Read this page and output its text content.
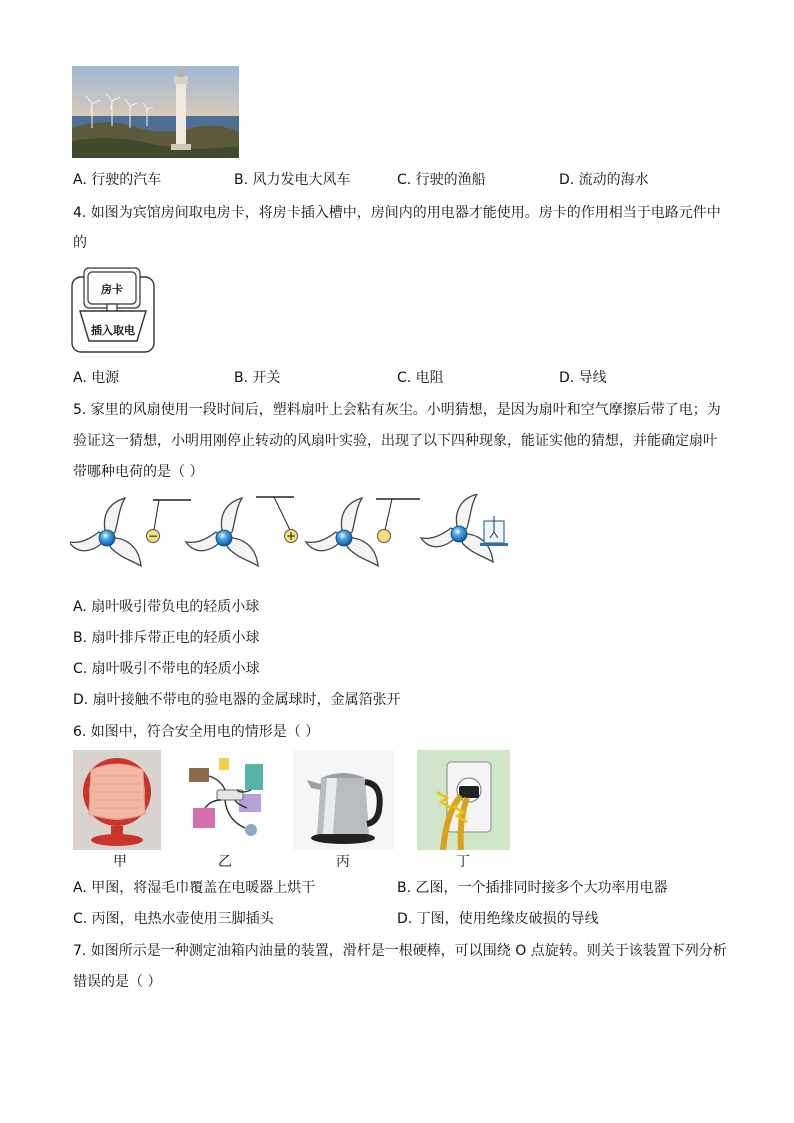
A. 行驶的汽车	B. 风力发电大风车	C. 行驶的渔船	D. 流动的海水
4. 如图为宾馆房间取电房卡，将房卡插入槽中，房间内的用电器才能使用。房卡的作用相当于电路元件中
的
房卡
插入取电
A. 电源	B. 开关	C. 电阻	D. 导线
5. 家里的风扇使用一段时间后，塑料扇叶上会粘有灰尘。小明猜想，是因为扇叶和空气摩擦后带了电；为
验证这一猜想，小明用刚停止转动的风扇叶实验，出现了以下四种现象，能证实他的猜想，并能确定扇叶
带哪种电荷的是（ ）
−	+
A. 扇叶吸引带负电的轻质小球
B. 扇叶排斥带正电的轻质小球
C. 扇叶吸引不带电的轻质小球
D. 扇叶接触不带电的验电器的金属球时，金属箔张开
6. 如图中，符合安全用电的情形是（ ）
甲	乙	丙	丁
A. 甲图，将湿毛巾覆盖在电暖器上烘干	B. 乙图，一个插排同时接多个大功率用电器
C. 丙图，电热水壶使用三脚插头	D. 丁图，使用绝缘皮破损的导线
7. 如图所示是一种测定油箱内油量的装置，滑杆是一根硬棒，可以围绕 O 点旋转。则关于该装置下列分析
错误的是（ ）
